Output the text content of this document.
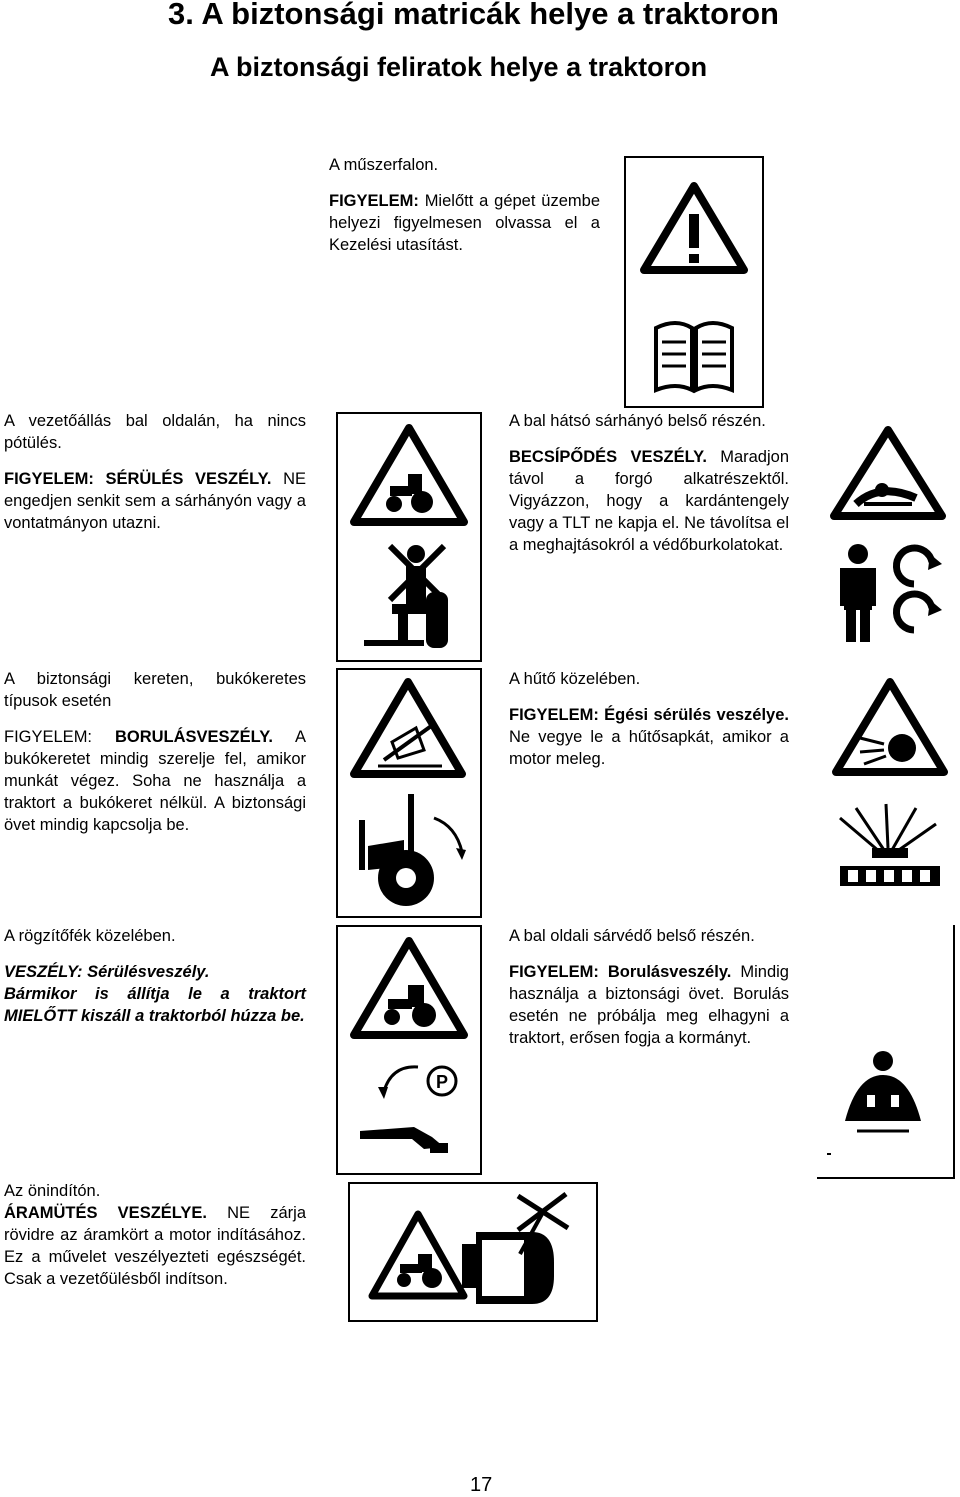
3. A biztonsági matricák helye a traktoron
A biztonsági feliratok helye a traktoron

A műszerfalon.

FIGYELEM: Mielőtt a gépet üzembe helyezi figyelmesen olvassa el a Kezelési utasítást.

A vezetőállás bal oldalán, ha nincs pótülés.

FIGYELEM: SÉRÜLÉS VESZÉLY. NE engedjen senkit sem a sárhányón vagy a vontatmányon utazni.

A bal hátsó sárhányó belső részén.

BECSÍPŐDÉS VESZÉLY. Maradjon távol a forgó alkatrészektől. Vigyázzon, hogy a kardántengely vagy a TLT ne kapja el. Ne távolítsa el a meghajtásokról a védőburkolatokat.

A biztonsági kereten, bukókeretes típusok esetén

FIGYELEM: BORULÁSVESZÉLY. A bukókeretet mindig szerelje fel, amikor munkát végez. Soha ne használja a traktort a bukókeret nélkül. A biztonsági övet mindig kapcsolja be.

A hűtő közelében.

FIGYELEM: Égési sérülés veszélye. Ne vegye le a hűtősapkát, amikor a motor meleg.

A rögzítőfék közelében.

VESZÉLY: Sérülésveszély.

Bármikor is állítja le a traktort MIELŐTT kiszáll a traktorból húzza be.

P

A bal oldali sárvédő belső részén.

FIGYELEM: Borulásveszély. Mindig használja a biztonsági övet. Borulás esetén ne próbálja meg elhagyni a traktort, erősen fogja a kormányt.

Az önindítón.

ÁRAMÜTÉS VESZÉLYE. NE zárja rövidre az áramkört a motor indításához. Ez a művelet veszélyezteti egészségét. Csak a vezetőülésből indítson.

17
